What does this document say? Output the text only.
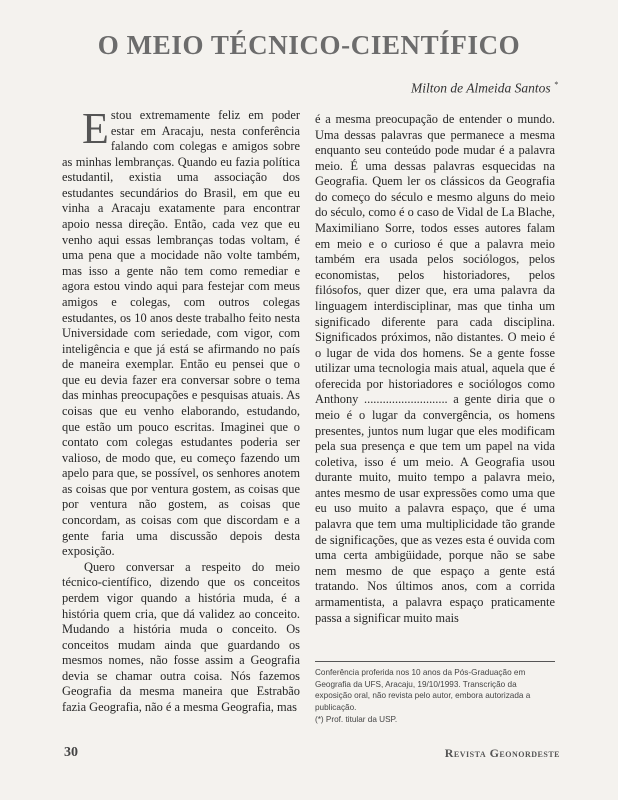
O MEIO TÉCNICO-CIENTÍFICO
Milton de Almeida Santos *

Estou extremamente feliz em poder estar em Aracaju, nesta conferência falando com colegas e amigos sobre as minhas lembranças. Quando eu fazia política estudantil, existia uma associação dos estudantes secundários do Brasil, em que eu vinha a Aracaju exatamente para encontrar apoio nessa direção. Então, cada vez que eu venho aqui essas lembranças todas voltam, é uma pena que a mocidade não volte também, mas isso a gente não tem como remediar e agora estou vindo aqui para festejar com meus amigos e colegas, com outros colegas estudantes, os 10 anos deste trabalho feito nesta Universidade com seriedade, com vigor, com inteligência e que já está se afirmando no país de maneira exemplar. Então eu pensei que o que eu devia fazer era conversar sobre o tema das minhas preocupações e pesquisas atuais. As coisas que eu venho elaborando, estudando, que estão um pouco escritas. Imaginei que o contato com colegas estudantes poderia ser valioso, de modo que, eu começo fazendo um apelo para que, se possível, os senhores anotem as coisas que por ventura gostem, as coisas que por ventura não gostem, as coisas que concordam, as coisas com que discordam e a gente faria uma discussão depois desta exposição.

Quero conversar a respeito do meio técnico-científico, dizendo que os conceitos perdem vigor quando a história muda, é a história quem cria, que dá validez ao conceito. Mudando a história muda o conceito. Os conceitos mudam ainda que guardando os mesmos nomes, não fosse assim a Geografia devia se chamar outra coisa. Nós fazemos Geografia da mesma maneira que Estrabão fazia Geografia, não é a mesma Geografia, mas

é a mesma preocupação de entender o mundo. Uma dessas palavras que permanece a mesma enquanto seu conteúdo pode mudar é a palavra meio. É uma dessas palavras esquecidas na Geografia. Quem ler os clássicos da Geografia do começo do século e mesmo alguns do meio do século, como é o caso de Vidal de La Blache, Maximiliano Sorre, todos esses autores falam em meio e o curioso é que a palavra meio também era usada pelos sociólogos, pelos economistas, pelos historiadores, pelos filósofos, quer dizer que, era uma palavra da linguagem interdisciplinar, mas que tinha um significado diferente para cada disciplina. Significados próximos, não distantes. O meio é o lugar de vida dos homens. Se a gente fosse utilizar uma tecnologia mais atual, aquela que é oferecida por historiadores e sociólogos como Anthony ........................... a gente diria que o meio é o lugar da convergência, os homens presentes, juntos num lugar que eles modificam pela sua presença e que tem um papel na vida coletiva, isso é um meio. A Geografia usou durante muito, muito tempo a palavra meio, antes mesmo de usar expressões como uma que eu uso muito a palavra espaço, que é uma palavra que tem uma multiplicidade tão grande de significações, que as vezes esta é ouvida com uma certa ambigüidade, porque não se sabe nem mesmo de que espaço a gente está tratando. Nos últimos anos, com a corrida armamentista, a palavra espaço praticamente passa a significar muito mais

Conferência proferida nos 10 anos da Pós-Graduação em Geografia da UFS, Aracaju, 19/10/1993. Transcrição da exposição oral, não revista pelo autor, embora autorizada a publicação.

(*) Prof. titular da USP.

30	Revista Geonordeste
